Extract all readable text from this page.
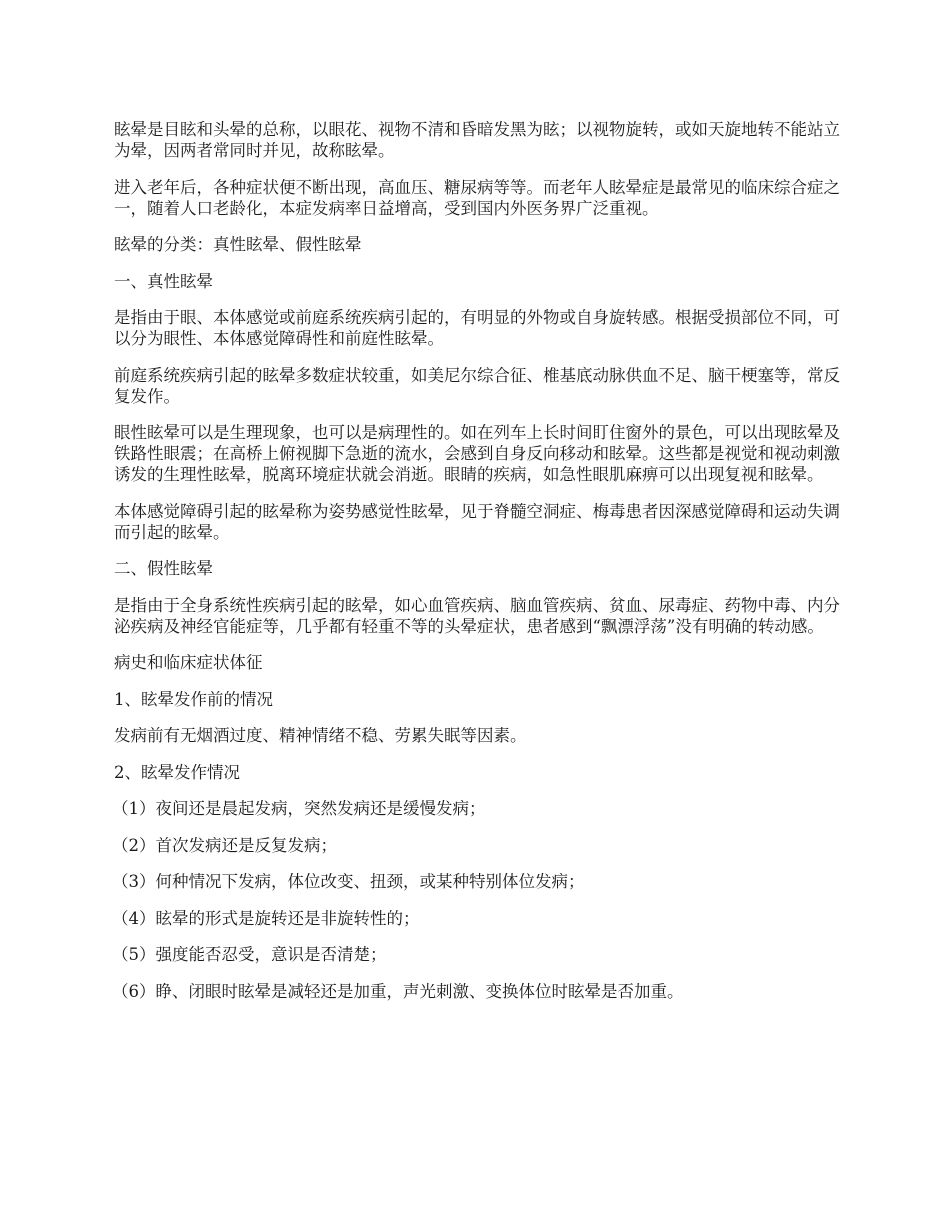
眩晕是目眩和头晕的总称，以眼花、视物不清和昏暗发黑为眩；以视物旋转，或如天旋地转不能站立为晕，因两者常同时并见，故称眩晕。

进入老年后，各种症状便不断出现，高血压、糖尿病等等。而老年人眩晕症是最常见的临床综合症之一，随着人口老龄化，本症发病率日益增高，受到国内外医务界广泛重视。

眩晕的分类：真性眩晕、假性眩晕

一、真性眩晕

是指由于眼、本体感觉或前庭系统疾病引起的，有明显的外物或自身旋转感。根据受损部位不同，可以分为眼性、本体感觉障碍性和前庭性眩晕。

前庭系统疾病引起的眩晕多数症状较重，如美尼尔综合征、椎基底动脉供血不足、脑干梗塞等，常反复发作。

眼性眩晕可以是生理现象，也可以是病理性的。如在列车上长时间盯住窗外的景色，可以出现眩晕及铁路性眼震；在高桥上俯视脚下急逝的流水，会感到自身反向移动和眩晕。这些都是视觉和视动刺激诱发的生理性眩晕，脱离环境症状就会消逝。眼睛的疾病，如急性眼肌麻痹可以出现复视和眩晕。

本体感觉障碍引起的眩晕称为姿势感觉性眩晕，见于脊髓空洞症、梅毒患者因深感觉障碍和运动失调而引起的眩晕。

二、假性眩晕

是指由于全身系统性疾病引起的眩晕，如心血管疾病、脑血管疾病、贫血、尿毒症、药物中毒、内分泌疾病及神经官能症等，几乎都有轻重不等的头晕症状，患者感到“飘漂浮荡”没有明确的转动感。

病史和临床症状体征

1、眩晕发作前的情况

发病前有无烟酒过度、精神情绪不稳、劳累失眠等因素。

2、眩晕发作情况

（1）夜间还是晨起发病，突然发病还是缓慢发病；

（2）首次发病还是反复发病；

（3）何种情况下发病，体位改变、扭颈，或某种特别体位发病；

（4）眩晕的形式是旋转还是非旋转性的；

（5）强度能否忍受，意识是否清楚；

（6）睁、闭眼时眩晕是减轻还是加重，声光刺激、变换体位时眩晕是否加重。
